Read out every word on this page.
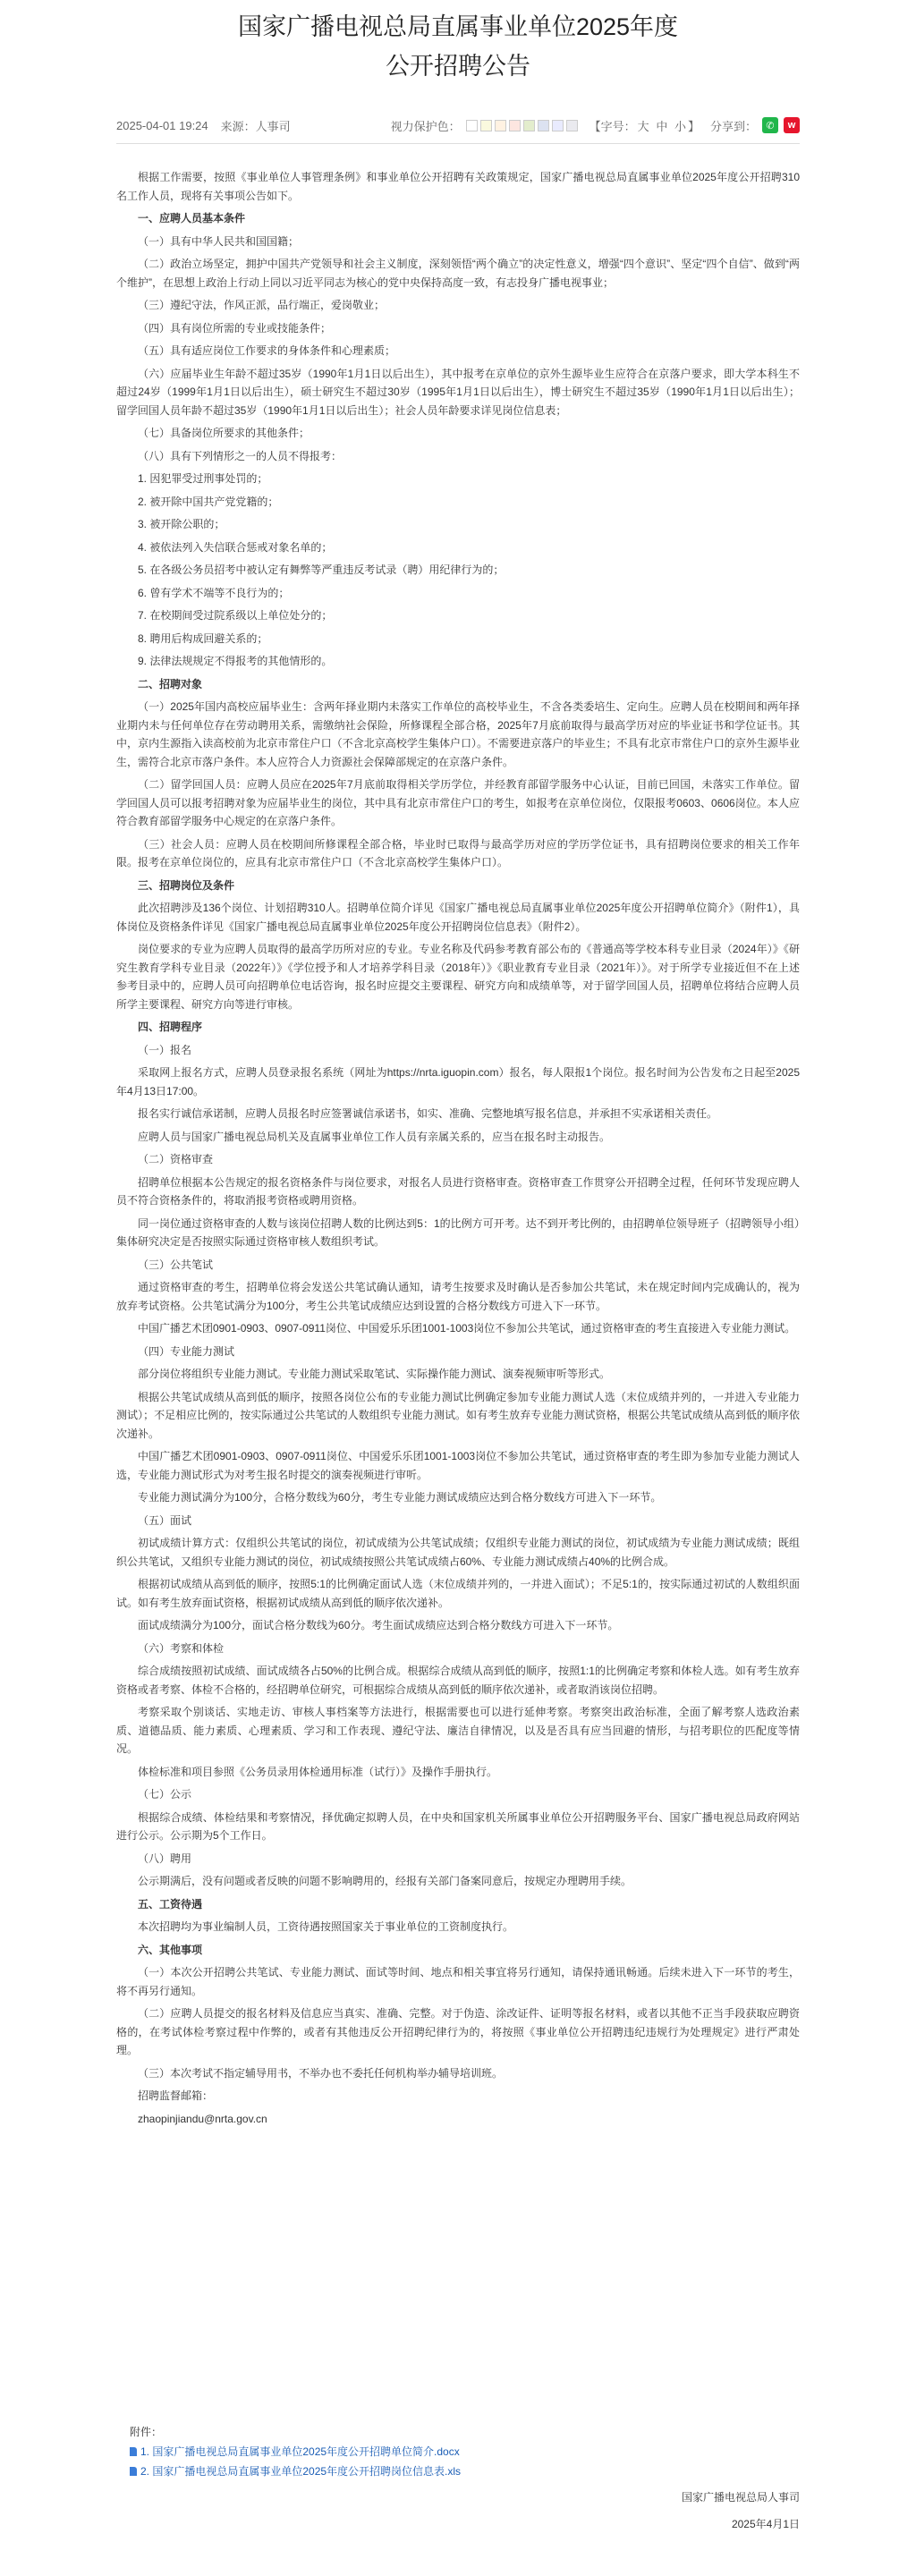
国家广播电视总局直属事业单位2025年度
公开招聘公告
2025-04-01 19:24 来源：人事司	视力保护色：	【字号： 大 中 小 】 分享到： ✆	w

根据工作需要，按照《事业单位人事管理条例》和事业单位公开招聘有关政策规定，国家广播电视总局直属事业单位2025年度公开招聘310名工作人员，现将有关事项公告如下。

一、应聘人员基本条件

（一）具有中华人民共和国国籍；

（二）政治立场坚定，拥护中国共产党领导和社会主义制度，深刻领悟“两个确立”的决定性意义，增强“四个意识”、坚定“四个自信”、做到“两个维护”，在思想上政治上行动上同以习近平同志为核心的党中央保持高度一致，有志投身广播电视事业；

（三）遵纪守法，作风正派，品行端正，爱岗敬业；

（四）具有岗位所需的专业或技能条件；

（五）具有适应岗位工作要求的身体条件和心理素质；

（六）应届毕业生年龄不超过35岁（1990年1月1日以后出生），其中报考在京单位的京外生源毕业生应符合在京落户要求，即大学本科生不超过24岁（1999年1月1日以后出生），硕士研究生不超过30岁（1995年1月1日以后出生），博士研究生不超过35岁（1990年1月1日以后出生）；留学回国人员年龄不超过35岁（1990年1月1日以后出生）；社会人员年龄要求详见岗位信息表；

（七）具备岗位所要求的其他条件；

（八）具有下列情形之一的人员不得报考：

1. 因犯罪受过刑事处罚的；

2. 被开除中国共产党党籍的；

3. 被开除公职的；

4. 被依法列入失信联合惩戒对象名单的；

5. 在各级公务员招考中被认定有舞弊等严重违反考试录（聘）用纪律行为的；

6. 曾有学术不端等不良行为的；

7. 在校期间受过院系级以上单位处分的；

8. 聘用后构成回避关系的；

9. 法律法规规定不得报考的其他情形的。

二、招聘对象

（一）2025年国内高校应届毕业生：含两年择业期内未落实工作单位的高校毕业生，不含各类委培生、定向生。应聘人员在校期间和两年择业期内未与任何单位存在劳动聘用关系，需缴纳社会保险，所修课程全部合格，2025年7月底前取得与最高学历对应的毕业证书和学位证书。其中，京内生源指入读高校前为北京市常住户口（不含北京高校学生集体户口）。不需要进京落户的毕业生；不具有北京市常住户口的京外生源毕业生，需符合北京市落户条件。本人应符合人力资源社会保障部规定的在京落户条件。

（二）留学回国人员：应聘人员应在2025年7月底前取得相关学历学位，并经教育部留学服务中心认证，目前已回国，未落实工作单位。留学回国人员可以报考招聘对象为应届毕业生的岗位，其中具有北京市常住户口的考生，如报考在京单位岗位，仅限报考0603、0606岗位。本人应符合教育部留学服务中心规定的在京落户条件。

（三）社会人员：应聘人员在校期间所修课程全部合格，毕业时已取得与最高学历对应的学历学位证书，具有招聘岗位要求的相关工作年限。报考在京单位岗位的，应具有北京市常住户口（不含北京高校学生集体户口）。

三、招聘岗位及条件

此次招聘涉及136个岗位、计划招聘310人。招聘单位简介详见《国家广播电视总局直属事业单位2025年度公开招聘单位简介》（附件1），具体岗位及资格条件详见《国家广播电视总局直属事业单位2025年度公开招聘岗位信息表》（附件2）。

岗位要求的专业为应聘人员取得的最高学历所对应的专业。专业名称及代码参考教育部公布的《普通高等学校本科专业目录（2024年）》《研究生教育学科专业目录（2022年）》《学位授予和人才培养学科目录（2018年）》《职业教育专业目录（2021年）》。对于所学专业接近但不在上述参考目录中的，应聘人员可向招聘单位电话咨询，报名时应提交主要课程、研究方向和成绩单等，对于留学回国人员，招聘单位将结合应聘人员所学主要课程、研究方向等进行审核。

四、招聘程序

（一）报名

采取网上报名方式，应聘人员登录报名系统（网址为https://nrta.iguopin.com）报名，每人限报1个岗位。报名时间为公告发布之日起至2025年4月13日17:00。

报名实行诚信承诺制，应聘人员报名时应签署诚信承诺书，如实、准确、完整地填写报名信息，并承担不实承诺相关责任。

应聘人员与国家广播电视总局机关及直属事业单位工作人员有亲属关系的，应当在报名时主动报告。

（二）资格审查

招聘单位根据本公告规定的报名资格条件与岗位要求，对报名人员进行资格审查。资格审查工作贯穿公开招聘全过程，任何环节发现应聘人员不符合资格条件的，将取消报考资格或聘用资格。

同一岗位通过资格审查的人数与该岗位招聘人数的比例达到5：1的比例方可开考。达不到开考比例的，由招聘单位领导班子（招聘领导小组）集体研究决定是否按照实际通过资格审核人数组织考试。

（三）公共笔试

通过资格审查的考生，招聘单位将会发送公共笔试确认通知，请考生按要求及时确认是否参加公共笔试，未在规定时间内完成确认的，视为放弃考试资格。公共笔试满分为100分，考生公共笔试成绩应达到设置的合格分数线方可进入下一环节。

中国广播艺术团0901-0903、0907-0911岗位、中国爱乐乐团1001-1003岗位不参加公共笔试，通过资格审查的考生直接进入专业能力测试。

（四）专业能力测试

部分岗位将组织专业能力测试。专业能力测试采取笔试、实际操作能力测试、演奏视频审听等形式。

根据公共笔试成绩从高到低的顺序，按照各岗位公布的专业能力测试比例确定参加专业能力测试人选（末位成绩并列的，一并进入专业能力测试）；不足相应比例的，按实际通过公共笔试的人数组织专业能力测试。如有考生放弃专业能力测试资格，根据公共笔试成绩从高到低的顺序依次递补。

中国广播艺术团0901-0903、0907-0911岗位、中国爱乐乐团1001-1003岗位不参加公共笔试，通过资格审查的考生即为参加专业能力测试人选，专业能力测试形式为对考生报名时提交的演奏视频进行审听。

专业能力测试满分为100分，合格分数线为60分，考生专业能力测试成绩应达到合格分数线方可进入下一环节。

（五）面试

初试成绩计算方式：仅组织公共笔试的岗位，初试成绩为公共笔试成绩；仅组织专业能力测试的岗位，初试成绩为专业能力测试成绩；既组织公共笔试，又组织专业能力测试的岗位，初试成绩按照公共笔试成绩占60%、专业能力测试成绩占40%的比例合成。

根据初试成绩从高到低的顺序，按照5:1的比例确定面试人选（末位成绩并列的，一并进入面试）；不足5:1的，按实际通过初试的人数组织面试。如有考生放弃面试资格，根据初试成绩从高到低的顺序依次递补。

面试成绩满分为100分，面试合格分数线为60分。考生面试成绩应达到合格分数线方可进入下一环节。

（六）考察和体检

综合成绩按照初试成绩、面试成绩各占50%的比例合成。根据综合成绩从高到低的顺序，按照1:1的比例确定考察和体检人选。如有考生放弃资格或者考察、体检不合格的，经招聘单位研究，可根据综合成绩从高到低的顺序依次递补，或者取消该岗位招聘。

考察采取个别谈话、实地走访、审核人事档案等方法进行，根据需要也可以进行延伸考察。考察突出政治标准，全面了解考察人选政治素质、道德品质、能力素质、心理素质、学习和工作表现、遵纪守法、廉洁自律情况，以及是否具有应当回避的情形，与招考职位的匹配度等情况。

体检标准和项目参照《公务员录用体检通用标准（试行）》及操作手册执行。

（七）公示

根据综合成绩、体检结果和考察情况，择优确定拟聘人员，在中央和国家机关所属事业单位公开招聘服务平台、国家广播电视总局政府网站进行公示。公示期为5个工作日。

（八）聘用

公示期满后，没有问题或者反映的问题不影响聘用的，经报有关部门备案同意后，按规定办理聘用手续。

五、工资待遇

本次招聘均为事业编制人员，工资待遇按照国家关于事业单位的工资制度执行。

六、其他事项

（一）本次公开招聘公共笔试、专业能力测试、面试等时间、地点和相关事宜将另行通知，请保持通讯畅通。后续未进入下一环节的考生，将不再另行通知。

（二）应聘人员提交的报名材料及信息应当真实、准确、完整。对于伪造、涂改证件、证明等报名材料，或者以其他不正当手段获取应聘资格的，在考试体检考察过程中作弊的，或者有其他违反公开招聘纪律行为的，将按照《事业单位公开招聘违纪违规行为处理规定》进行严肃处理。

（三）本次考试不指定辅导用书，不举办也不委托任何机构举办辅导培训班。

招聘监督邮箱：

zhaopinjiandu@nrta.gov.cn

附件：
1. 国家广播电视总局直属事业单位2025年度公开招聘单位简介.docx
2. 国家广播电视总局直属事业单位2025年度公开招聘岗位信息表.xls
国家广播电视总局人事司
2025年4月1日
